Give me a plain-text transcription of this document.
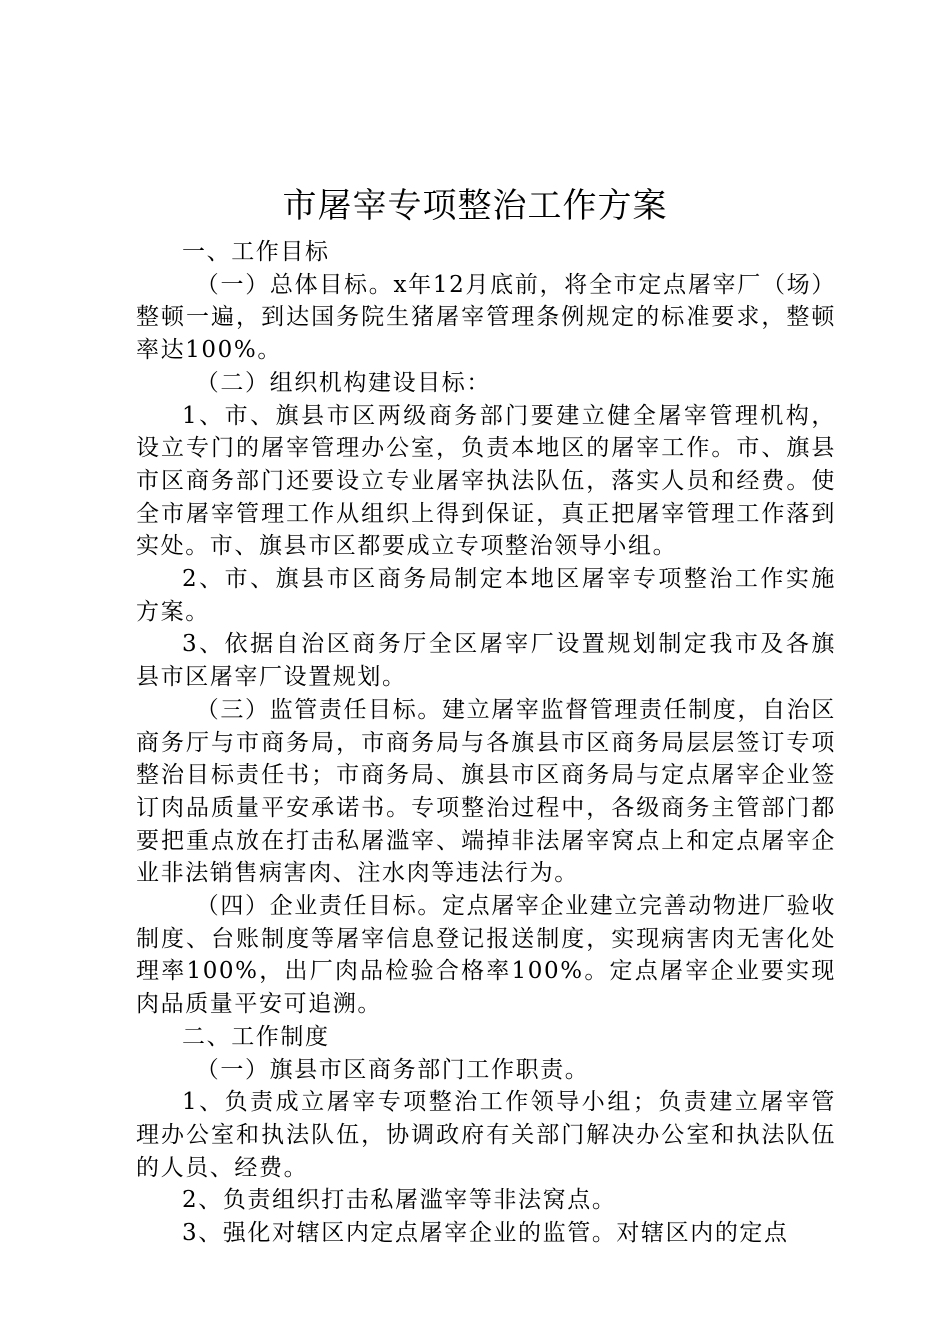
市屠宰专项整治工作方案

一、工作目标

（一）总体目标。x年12月底前，将全市定点屠宰厂（场）整顿一遍，到达国务院生猪屠宰管理条例规定的标准要求，整顿率达100%。

（二）组织机构建设目标：

1、市、旗县市区两级商务部门要建立健全屠宰管理机构，设立专门的屠宰管理办公室，负责本地区的屠宰工作。市、旗县市区商务部门还要设立专业屠宰执法队伍，落实人员和经费。使全市屠宰管理工作从组织上得到保证，真正把屠宰管理工作落到实处。市、旗县市区都要成立专项整治领导小组。

2、市、旗县市区商务局制定本地区屠宰专项整治工作实施方案。

3、依据自治区商务厅全区屠宰厂设置规划制定我市及各旗县市区屠宰厂设置规划。

（三）监管责任目标。建立屠宰监督管理责任制度，自治区商务厅与市商务局，市商务局与各旗县市区商务局层层签订专项整治目标责任书；市商务局、旗县市区商务局与定点屠宰企业签订肉品质量平安承诺书。专项整治过程中，各级商务主管部门都要把重点放在打击私屠滥宰、端掉非法屠宰窝点上和定点屠宰企业非法销售病害肉、注水肉等违法行为。

（四）企业责任目标。定点屠宰企业建立完善动物进厂验收制度、台账制度等屠宰信息登记报送制度，实现病害肉无害化处理率100%，出厂肉品检验合格率100%。定点屠宰企业要实现肉品质量平安可追溯。

二、工作制度

（一）旗县市区商务部门工作职责。

1、负责成立屠宰专项整治工作领导小组；负责建立屠宰管理办公室和执法队伍，协调政府有关部门解决办公室和执法队伍的人员、经费。

2、负责组织打击私屠滥宰等非法窝点。

3、强化对辖区内定点屠宰企业的监管。对辖区内的定点
